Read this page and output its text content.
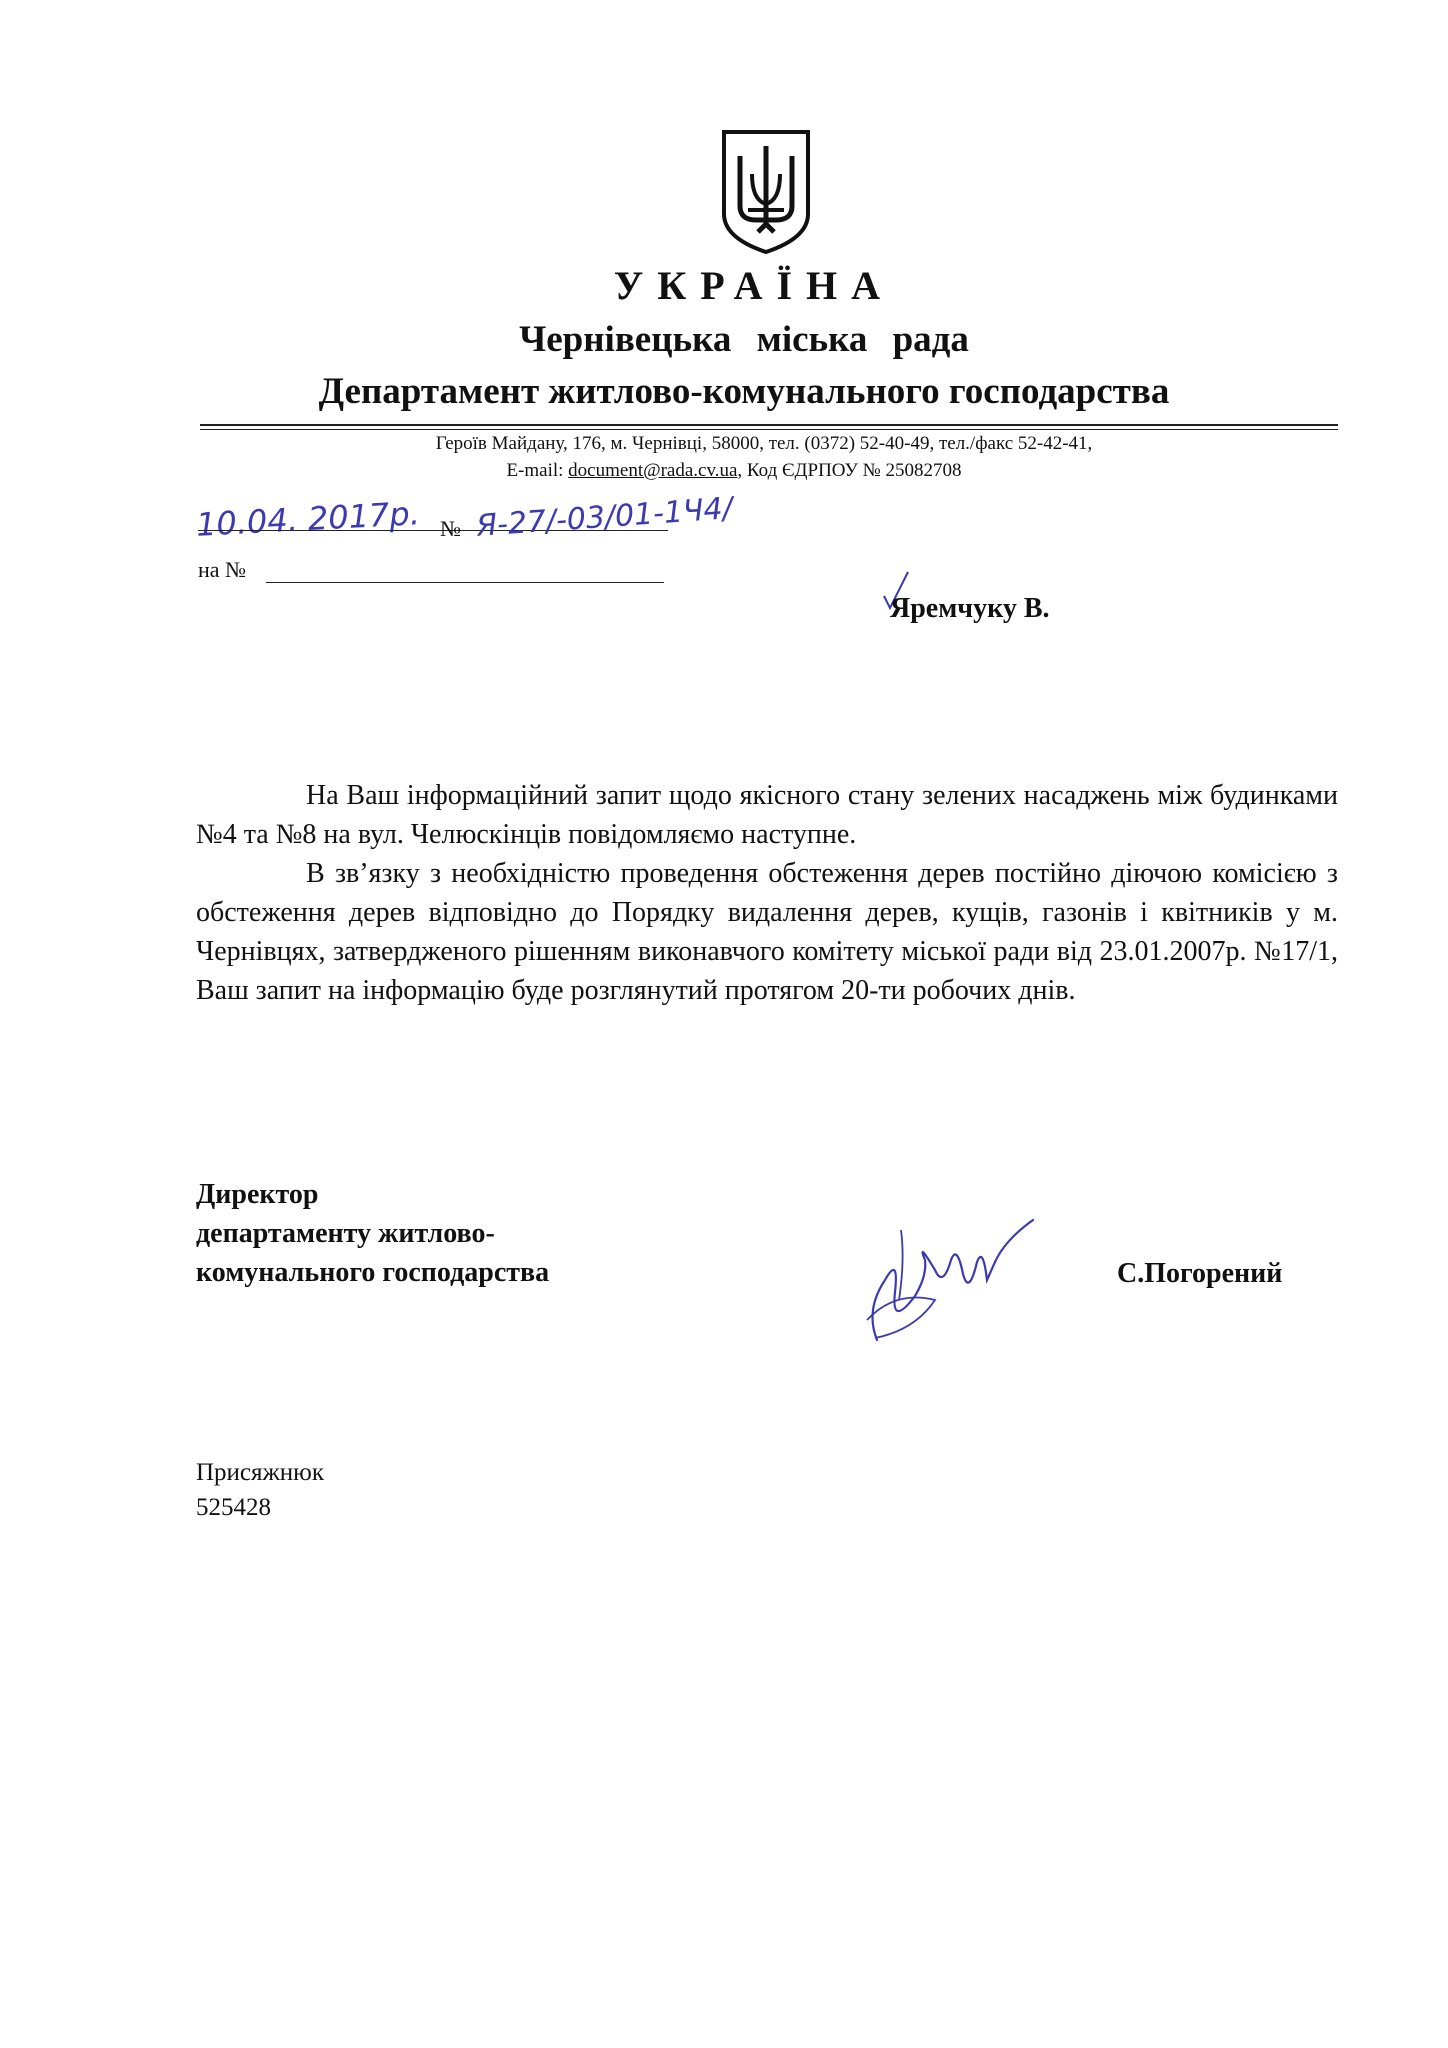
УКРАЇНА
Чернівецька міська рада
Департамент житлово-комунального господарства
Героїв Майдану, 176, м. Чернівці, 58000, тел. (0372) 52-40-49, тел./факс 52-42-41,
E-mail: document@rada.cv.ua, Код ЄДРПОУ № 25082708
10.04. 2017р. № Я-27/-03/01-1Ч4/
на №
Яремчуку В.

На Ваш інформаційний запит щодо якісного стану зелених насаджень між будинками №4 та №8 на вул. Челюскінців повідомляємо наступне.

В зв’язку з необхідністю проведення обстеження дерев постійно діючою комісією з обстеження дерев відповідно до Порядку видалення дерев, кущів, газонів і квітників у м. Чернівцях, затвердженого рішенням виконавчого комітету міської ради від 23.01.2007р. №17/1, Ваш запит на інформацію буде розглянутий протягом 20-ти робочих днів.

Директор
департаменту житлово-
комунального господарства	С.Погорений
Присяжнюк
525428
